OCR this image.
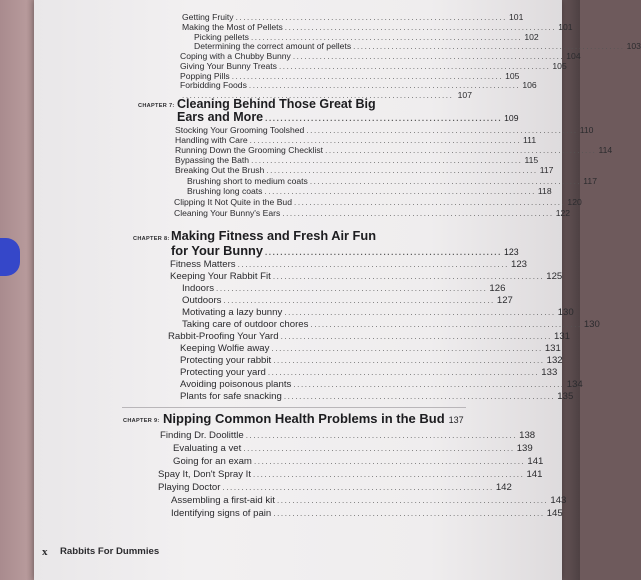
Getting Fruity ....................................................................... 101
Making the Most of Pellets ....................................................................... 101
Picking pellets ....................................................................... 102
Determining the correct amount of pellets ....................................................................... 103
Coping with a Chubby Bunny ....................................................................... 104
Giving Your Bunny Treats ....................................................................... 105
Popping Pills ....................................................................... 105
Forbidding Foods ....................................................................... 106
....................................................................... 107
CHAPTER 7: Cleaning Behind Those Great Big
Ears and More .............................................................. 109
Stocking Your Grooming Toolshed ....................................................................... 110
Handling with Care ....................................................................... 111
Running Down the Grooming Checklist ....................................................................... 114
Bypassing the Bath ....................................................................... 115
Breaking Out the Brush ....................................................................... 117
Brushing short to medium coats ....................................................................... 117
Brushing long coats ....................................................................... 118
Clipping It Not Quite in the Bud ....................................................................... 120
Cleaning Your Bunny's Ears ....................................................................... 122
CHAPTER 8: Making Fitness and Fresh Air Fun
for Your Bunny .............................................................. 123
Fitness Matters ....................................................................... 123
Keeping Your Rabbit Fit ....................................................................... 125
Indoors ....................................................................... 126
Outdoors ....................................................................... 127
Motivating a lazy bunny ....................................................................... 130
Taking care of outdoor chores ....................................................................... 130
Rabbit-Proofing Your Yard ....................................................................... 131
Keeping Wolfie away ....................................................................... 131
Protecting your rabbit ....................................................................... 132
Protecting your yard ....................................................................... 133
Avoiding poisonous plants ....................................................................... 134
Plants for safe snacking ....................................................................... 135
CHAPTER 9: Nipping Common Health Problems in the Bud 137
Finding Dr. Doolittle ....................................................................... 138
Evaluating a vet ....................................................................... 139
Going for an exam ....................................................................... 141
Spay It, Don't Spray It ....................................................................... 141
Playing Doctor ....................................................................... 142
Assembling a first-aid kit ....................................................................... 143
Identifying signs of pain ....................................................................... 145
x Rabbits For Dummies
